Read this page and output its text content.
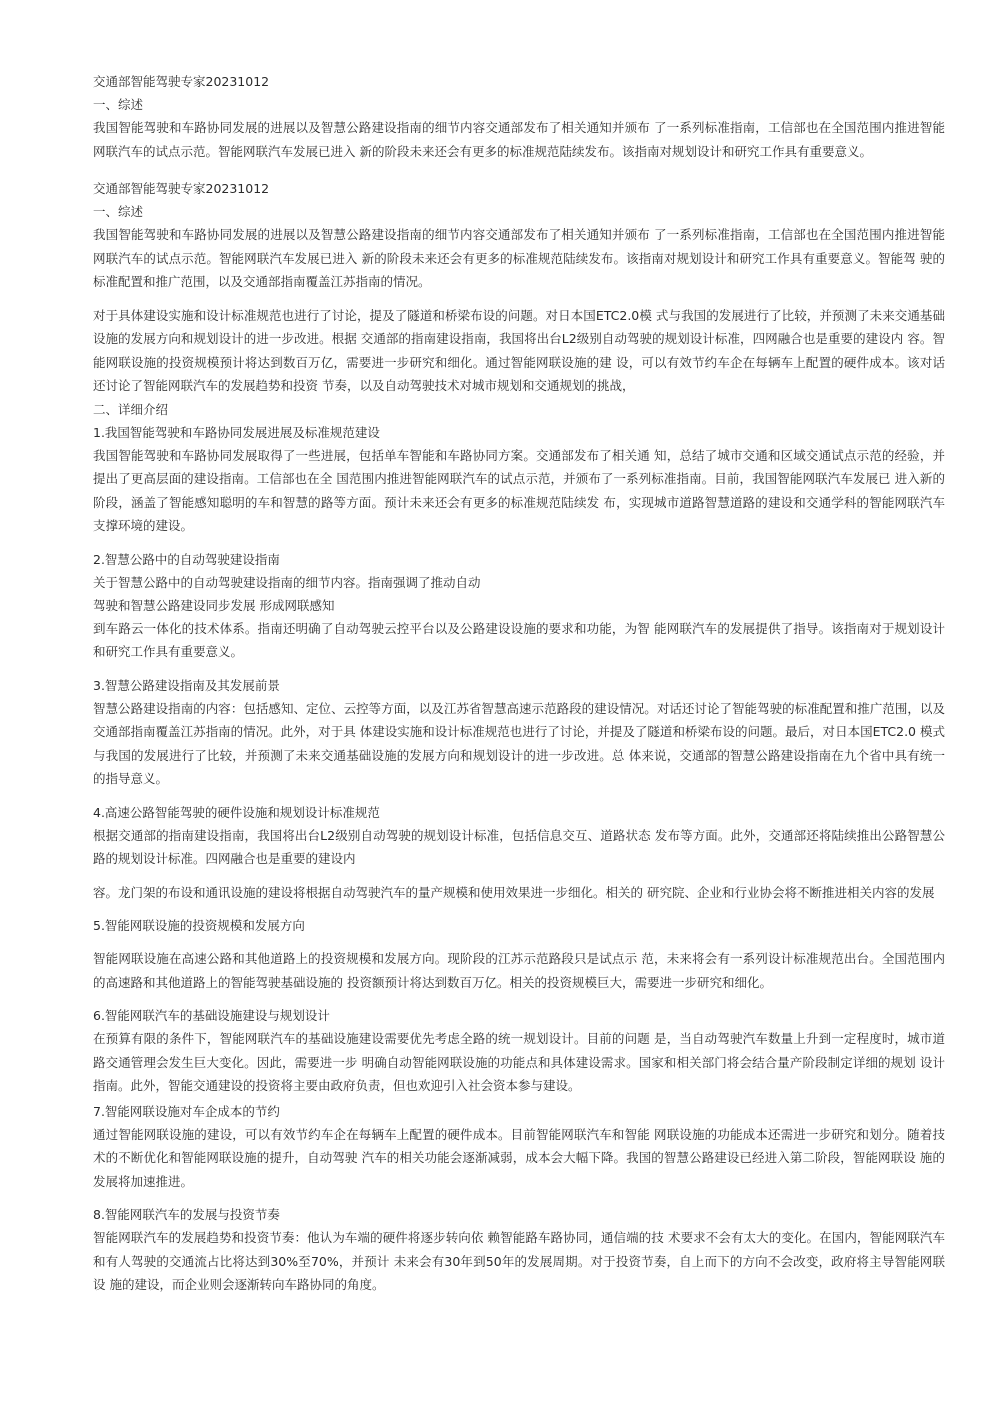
交通部智能驾驶专家20231012

一、综述

我国智能驾驶和车路协同发展的进展以及智慧公路建设指南的细节内容交通部发布了相关通知并颁布 了一系列标准指南，工信部也在全国范围内推进智能网联汽车的试点示范。智能网联汽车发展已进入 新的阶段未来还会有更多的标准规范陆续发布。该指南对规划设计和研究工作具有重要意义。

交通部智能驾驶专家20231012

一、综述

我国智能驾驶和车路协同发展的进展以及智慧公路建设指南的细节内容交通部发布了相关通知并颁布 了一系列标准指南，工信部也在全国范围内推进智能网联汽车的试点示范。智能网联汽车发展已进入 新的阶段未来还会有更多的标准规范陆续发布。该指南对规划设计和研究工作具有重要意义。智能驾 驶的标准配置和推广范围，以及交通部指南覆盖江苏指南的情况。

对于具体建设实施和设计标准规范也进行了讨论，提及了隧道和桥梁布设的问题。对日本国ETC2.0模 式与我国的发展进行了比较，并预测了未来交通基础设施的发展方向和规划设计的进一步改进。根据 交通部的指南建设指南，我国将出台L2级别自动驾驶的规划设计标准，四网融合也是重要的建设内 容。智能网联设施的投资规模预计将达到数百万亿，需要进一步研究和细化。通过智能网联设施的建 设，可以有效节约车企在每辆车上配置的硬件成本。该对话还讨论了智能网联汽车的发展趋势和投资 节奏，以及自动驾驶技术对城市规划和交通规划的挑战，

二、详细介绍

1.我国智能驾驶和车路协同发展进展及标准规范建设

我国智能驾驶和车路协同发展取得了一些进展，包括单车智能和车路协同方案。交通部发布了相关通 知，总结了城市交通和区域交通试点示范的经验，并提出了更高层面的建设指南。工信部也在全 国范围内推进智能网联汽车的试点示范，并颁布了一系列标准指南。目前，我国智能网联汽车发展已 进入新的阶段，涵盖了智能感知聪明的车和智慧的路等方面。预计未来还会有更多的标准规范陆续发 布，实现城市道路智慧道路的建设和交通学科的智能网联汽车支撑环境的建设。

2.智慧公路中的自动驾驶建设指南

关于智慧公路中的自动驾驶建设指南的细节内容。指南强调了推动自动

驾驶和智慧公路建设同步发展 形成网联感知

到车路云一体化的技术体系。指南还明确了自动驾驶云控平台以及公路建设设施的要求和功能，为智 能网联汽车的发展提供了指导。该指南对于规划设计和研究工作具有重要意义。

3.智慧公路建设指南及其发展前景

智慧公路建设指南的内容：包括感知、定位、云控等方面，以及江苏省智慧高速示范路段的建设情况。对话还讨论了智能驾驶的标准配置和推广范围，以及交通部指南覆盖江苏指南的情况。此外，对于具 体建设实施和设计标准规范也进行了讨论，并提及了隧道和桥梁布设的问题。最后，对日本国ETC2.0 模式与我国的发展进行了比较，并预测了未来交通基础设施的发展方向和规划设计的进一步改进。总 体来说，交通部的智慧公路建设指南在九个省中具有统一的指导意义。

4.高速公路智能驾驶的硬件设施和规划设计标准规范

根据交通部的指南建设指南，我国将出台L2级别自动驾驶的规划设计标准，包括信息交互、道路状态 发布等方面。此外，交通部还将陆续推出公路智慧公路的规划设计标准。四网融合也是重要的建设内

容。龙门架的布设和通讯设施的建设将根据自动驾驶汽车的量产规模和使用效果进一步细化。相关的 研究院、企业和行业协会将不断推进相关内容的发展

5.智能网联设施的投资规模和发展方向

智能网联设施在高速公路和其他道路上的投资规模和发展方向。现阶段的江苏示范路段只是试点示 范，未来将会有一系列设计标准规范出台。全国范围内的高速路和其他道路上的智能驾驶基础设施的 投资额预计将达到数百万亿。相关的投资规模巨大，需要进一步研究和细化。

6.智能网联汽车的基础设施建设与规划设计

在预算有限的条件下，智能网联汽车的基础设施建设需要优先考虑全路的统一规划设计。目前的问题 是，当自动驾驶汽车数量上升到一定程度时，城市道路交通管理会发生巨大变化。因此，需要进一步 明确自动智能网联设施的功能点和具体建设需求。国家和相关部门将会结合量产阶段制定详细的规划 设计指南。此外，智能交通建设的投资将主要由政府负责，但也欢迎引入社会资本参与建设。

7.智能网联设施对车企成本的节约

通过智能网联设施的建设，可以有效节约车企在每辆车上配置的硬件成本。目前智能网联汽车和智能 网联设施的功能成本还需进一步研究和划分。随着技术的不断优化和智能网联设施的提升，自动驾驶 汽车的相关功能会逐渐减弱，成本会大幅下降。我国的智慧公路建设已经进入第二阶段，智能网联设 施的发展将加速推进。

8.智能网联汽车的发展与投资节奏

智能网联汽车的发展趋势和投资节奏：他认为车端的硬件将逐步转向依 赖智能路车路协同，通信端的技 术要求不会有太大的变化。在国内，智能网联汽车和有人驾驶的交通流占比将达到30%至70%，并预计 未来会有30年到50年的发展周期。对于投资节奏，自上而下的方向不会改变，政府将主导智能网联设 施的建设，而企业则会逐渐转向车路协同的角度。
